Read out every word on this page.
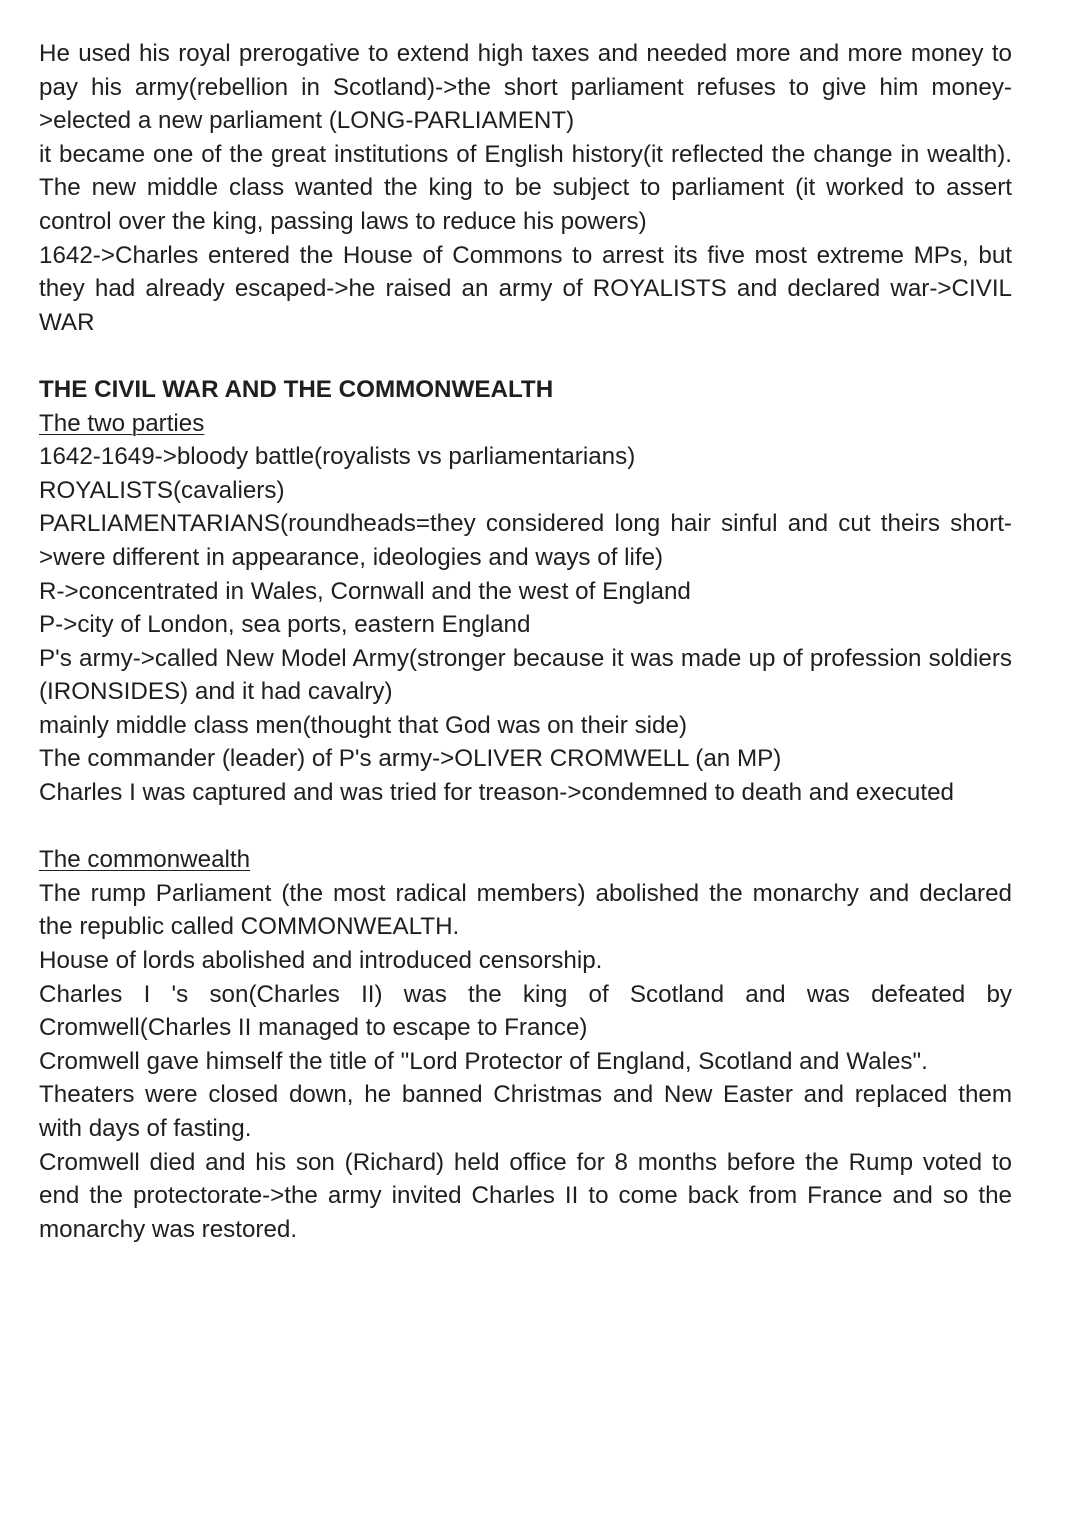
He used his royal prerogative to extend high taxes and needed more and more money to pay his army(rebellion in Scotland)->the short parliament refuses to give him money->elected a new parliament (LONG-PARLIAMENT)

it became one of the great institutions of English history(it reflected the change in wealth). The new middle class wanted the king to be subject to parliament (it worked to assert control over the king, passing laws to reduce his powers)

1642->Charles entered the House of Commons to arrest its five most extreme MPs, but they had already escaped->he raised an army of ROYALISTS and declared war->CIVIL WAR

THE CIVIL WAR AND THE COMMONWEALTH

The two parties

1642-1649->bloody battle(royalists vs parliamentarians)

ROYALISTS(cavaliers)

PARLIAMENTARIANS(roundheads=they considered long hair sinful and cut theirs short->were different in appearance, ideologies and ways of life)

R->concentrated in Wales, Cornwall and the west of England

P->city of London, sea ports, eastern England

P's army->called New Model Army(stronger because it was made up of profession soldiers (IRONSIDES) and it had cavalry)

mainly middle class men(thought that God was on their side)

The commander (leader) of P's army->OLIVER CROMWELL (an MP)

Charles I was captured and was tried for treason->condemned to death and executed

The commonwealth

The rump Parliament (the most radical members) abolished the monarchy and declared the republic called COMMONWEALTH.

House of lords abolished and introduced censorship.

Charles I 's son(Charles II) was the king of Scotland and was defeated by Cromwell(Charles II managed to escape to France)

Cromwell gave himself the title of "Lord Protector of England, Scotland and Wales".

Theaters were closed down, he banned Christmas and New Easter and replaced them with days of fasting.

Cromwell died and his son (Richard) held office for 8 months before the Rump voted to end the protectorate->the army invited Charles II to come back from France and so the monarchy was restored.
